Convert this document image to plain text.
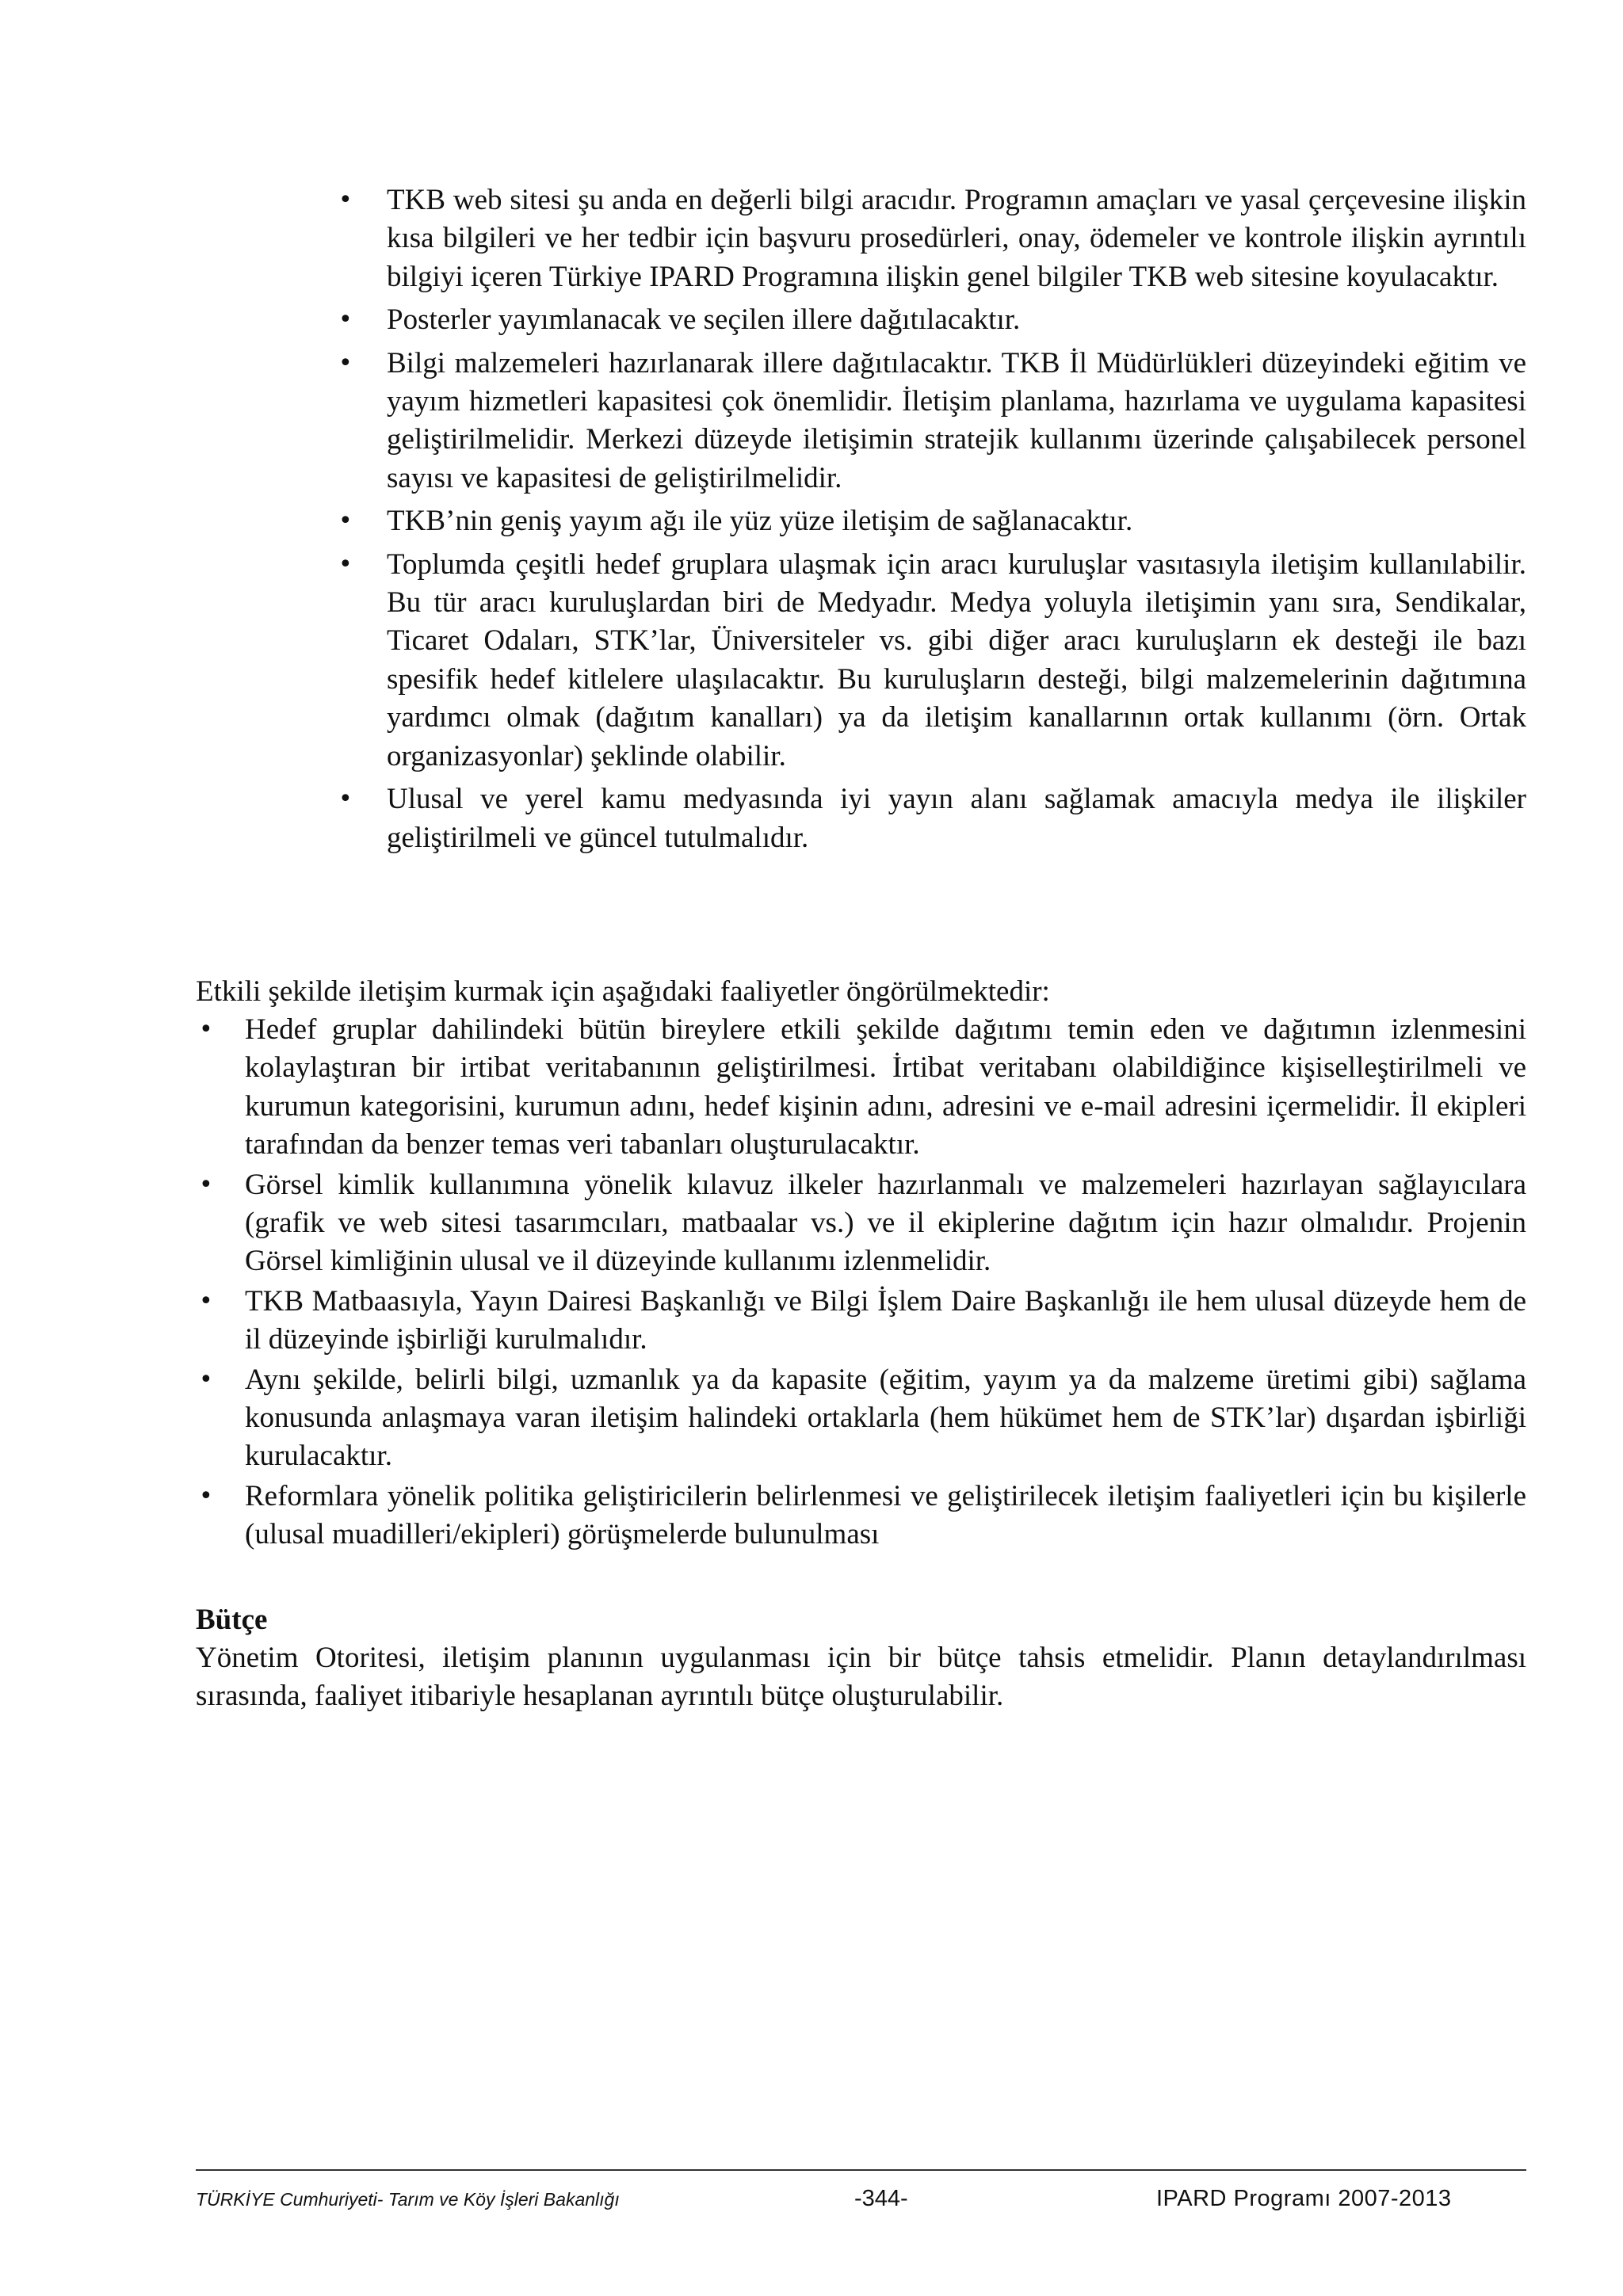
• TKB web sitesi şu anda en değerli bilgi aracıdır. Programın amaçları ve yasal çerçevesine ilişkin kısa bilgileri ve her tedbir için başvuru prosedürleri, onay, ödemeler ve kontrole ilişkin ayrıntılı bilgiyi içeren Türkiye IPARD Programına ilişkin genel bilgiler TKB web sitesine koyulacaktır.
• Posterler yayımlanacak ve seçilen illere dağıtılacaktır.
• Bilgi malzemeleri hazırlanarak illere dağıtılacaktır. TKB İl Müdürlükleri düzeyindeki eğitim ve yayım hizmetleri kapasitesi çok önemlidir. İletişim planlama, hazırlama ve uygulama kapasitesi geliştirilmelidir. Merkezi düzeyde iletişimin stratejik kullanımı üzerinde çalışabilecek personel sayısı ve kapasitesi de geliştirilmelidir.
• TKB’nin geniş yayım ağı ile yüz yüze iletişim de sağlanacaktır.
• Toplumda çeşitli hedef gruplara ulaşmak için aracı kuruluşlar vasıtasıyla iletişim kullanılabilir. Bu tür aracı kuruluşlardan biri de Medyadır. Medya yoluyla iletişimin yanı sıra, Sendikalar, Ticaret Odaları, STK’lar, Üniversiteler vs. gibi diğer aracı kuruluşların ek desteği ile bazı spesifik hedef kitlelere ulaşılacaktır. Bu kuruluşların desteği, bilgi malzemelerinin dağıtımına yardımcı olmak (dağıtım kanalları) ya da iletişim kanallarının ortak kullanımı (örn. Ortak organizasyonlar) şeklinde olabilir.
• Ulusal ve yerel kamu medyasında iyi yayın alanı sağlamak amacıyla medya ile ilişkiler geliştirilmeli ve güncel tutulmalıdır.
Etkili şekilde iletişim kurmak için aşağıdaki faaliyetler öngörülmektedir:
• Hedef gruplar dahilindeki bütün bireylere etkili şekilde dağıtımı temin eden ve dağıtımın izlenmesini kolaylaştıran bir irtibat veritabanının geliştirilmesi. İrtibat veritabanı olabildiğince kişiselleştirilmeli ve kurumun kategorisini, kurumun adını, hedef kişinin adını, adresini ve e-mail adresini içermelidir. İl ekipleri tarafından da benzer temas veri tabanları oluşturulacaktır.
• Görsel kimlik kullanımına yönelik kılavuz ilkeler hazırlanmalı ve malzemeleri hazırlayan sağlayıcılara (grafik ve web sitesi tasarımcıları, matbaalar vs.) ve il ekiplerine dağıtım için hazır olmalıdır. Projenin Görsel kimliğinin ulusal ve il düzeyinde kullanımı izlenmelidir.
• TKB Matbaasıyla, Yayın Dairesi Başkanlığı ve Bilgi İşlem Daire Başkanlığı ile hem ulusal düzeyde hem de il düzeyinde işbirliği kurulmalıdır.
• Aynı şekilde, belirli bilgi, uzmanlık ya da kapasite (eğitim, yayım ya da malzeme üretimi gibi) sağlama konusunda anlaşmaya varan iletişim halindeki ortaklarla (hem hükümet hem de STK’lar) dışardan işbirliği kurulacaktır.
• Reformlara yönelik politika geliştiricilerin belirlenmesi ve geliştirilecek iletişim faaliyetleri için bu kişilerle (ulusal muadilleri/ekipleri) görüşmelerde bulunulması
Bütçe
Yönetim Otoritesi, iletişim planının uygulanması için bir bütçe tahsis etmelidir. Planın detaylandırılması sırasında, faaliyet itibariyle hesaplanan ayrıntılı bütçe oluşturulabilir.
TÜRKİYE Cumhuriyeti- Tarım ve Köy İşleri Bakanlığı	-344-	IPARD Programı 2007-2013
